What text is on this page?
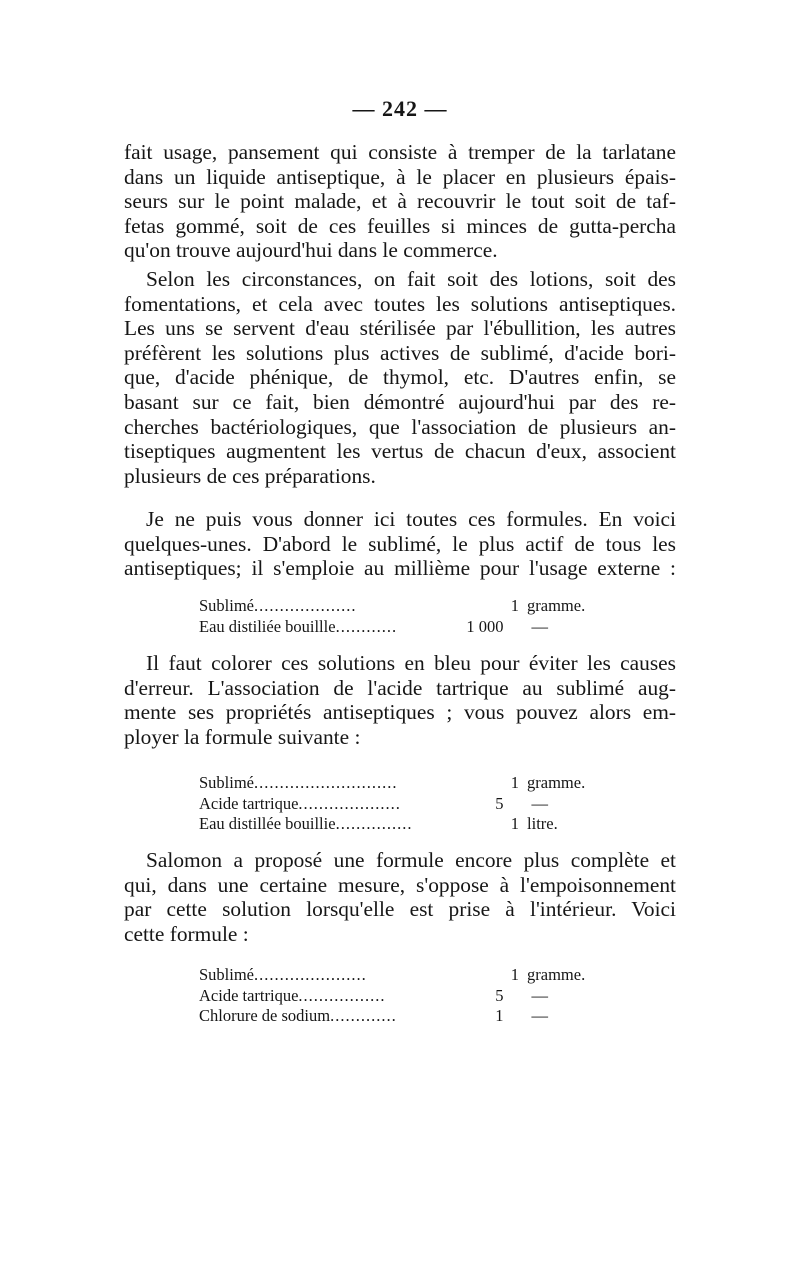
— 242 —

fait usage, pansement qui consiste à tremper de la tarlatane
dans un liquide antiseptique, à le placer en plusieurs épais-
seurs sur le point malade, et à recouvrir le tout soit de taf-
fetas gommé, soit de ces feuilles si minces de gutta-percha
qu'on trouve aujourd'hui dans le commerce.

Selon les circonstances, on fait soit des lotions, soit des
fomentations, et cela avec toutes les solutions antiseptiques.
Les uns se servent d'eau stérilisée par l'ébullition, les autres
préfèrent les solutions plus actives de sublimé, d'acide bori-
que, d'acide phénique, de thymol, etc. D'autres enfin, se
basant sur ce fait, bien démontré aujourd'hui par des re-
cherches bactériologiques, que l'association de plusieurs an-
tiseptiques augmentent les vertus de chacun d'eux, associent
plusieurs de ces préparations.

Je ne puis vous donner ici toutes ces formules. En voici
quelques-unes. D'abord le sublimé, le plus actif de tous les
antiseptiques; il s'emploie au millième pour l'usage externe :

Sublimé....................	1 gramme.
Eau distiliée bouillle............	1 000	—

Il faut colorer ces solutions en bleu pour éviter les causes
d'erreur. L'association de l'acide tartrique au sublimé aug-
mente ses propriétés antiseptiques ; vous pouvez alors em-
ployer la formule suivante :

Sublimé............................	1 gramme.
Acide tartrique....................	5	—
Eau distillée bouillie...............	1 litre.

Salomon a proposé une formule encore plus complète et
qui, dans une certaine mesure, s'oppose à l'empoisonnement
par cette solution lorsqu'elle est prise à l'intérieur. Voici
cette formule :

Sublimé......................	1 gramme.
Acide tartrique.................	5	—
Chlorure de sodium.............	1	—
